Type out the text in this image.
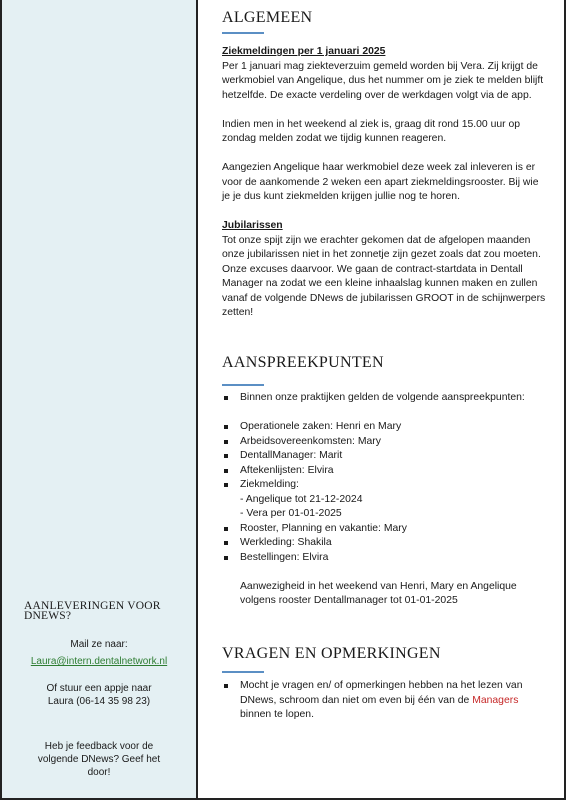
AANLEVERINGEN VOOR DNEWS?
Mail ze naar:
Laura@intern.dentalnetwork.nl
Of stuur een appje naar
Laura (06-14 35 98 23)
Heb je feedback voor de
volgende DNews? Geef het
door!
ALGEMEEN

Ziekmeldingen per 1 januari 2025

Per 1 januari mag ziekteverzuim gemeld worden bij Vera. Zij krijgt de werkmobiel van Angelique, dus het nummer om je ziek te melden blijft hetzelfde. De exacte verdeling over de werkdagen volgt via de app.

Indien men in het weekend al ziek is, graag dit rond 15.00 uur op zondag melden zodat we tijdig kunnen reageren.

Aangezien Angelique haar werkmobiel deze week zal inleveren is er voor de aankomende 2 weken een apart ziekmeldingsrooster. Bij wie je je dus kunt ziekmelden krijgen jullie nog te horen.

Jubilarissen

Tot onze spijt zijn we erachter gekomen dat de afgelopen maanden onze jubilarissen niet in het zonnetje zijn gezet zoals dat zou moeten. Onze excuses daarvoor. We gaan de contract-startdata in Dentall Manager na zodat we een kleine inhaalslag kunnen maken en zullen vanaf de volgende DNews de jubilarissen GROOT in de schijnwerpers zetten!

AANSPREEKPUNTEN
Binnen onze praktijken gelden de volgende aanspreekpunten:
Operationele zaken: Henri en Mary
Arbeidsovereenkomsten: Mary
DentallManager: Marit
Aftekenlijsten: Elvira
Ziekmelding:
- Angelique tot 21-12-2024
- Vera per 01-01-2025
Rooster, Planning en vakantie: Mary
Werkleding: Shakila
Bestellingen: Elvira
Aanwezigheid in het weekend van Henri, Mary en Angelique volgens rooster Dentallmanager tot 01-01-2025
VRAGEN EN OPMERKINGEN
Mocht je vragen en/ of opmerkingen hebben na het lezen van DNews, schroom dan niet om even bij één van de Managers binnen te lopen.
